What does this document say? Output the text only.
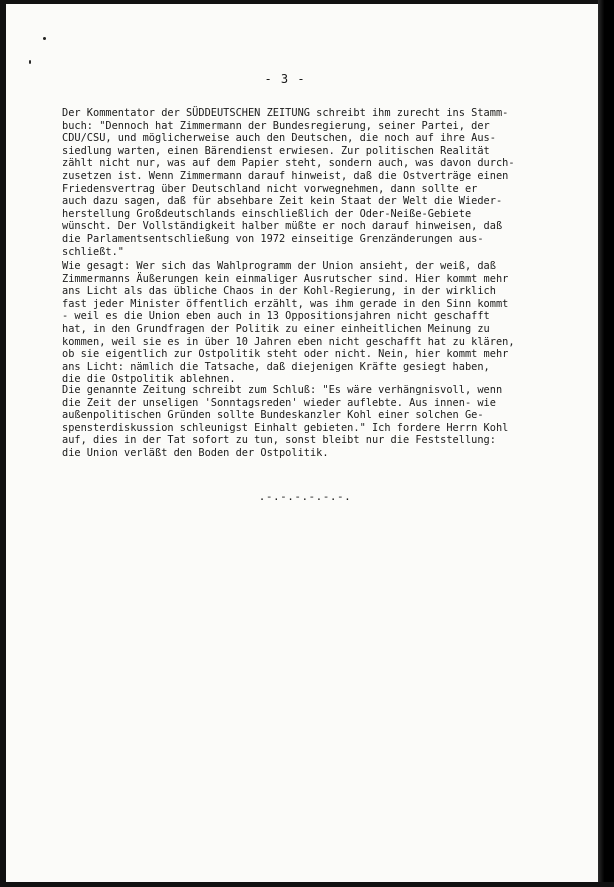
- 3 -
Der Kommentator der SÜDDEUTSCHEN ZEITUNG schreibt ihm zurecht ins Stamm-
buch: "Dennoch hat Zimmermann der Bundesregierung, seiner Partei, der
CDU/CSU, und möglicherweise auch den Deutschen, die noch auf ihre Aus-
siedlung warten, einen Bärendienst erwiesen. Zur politischen Realität
zählt nicht nur, was auf dem Papier steht, sondern auch, was davon durch-
zusetzen ist. Wenn Zimmermann darauf hinweist, daß die Ostverträge einen
Friedensvertrag über Deutschland nicht vorwegnehmen, dann sollte er
auch dazu sagen, daß für absehbare Zeit kein Staat der Welt die Wieder-
herstellung Großdeutschlands einschließlich der Oder-Neiße-Gebiete
wünscht. Der Vollständigkeit halber müßte er noch darauf hinweisen, daß
die Parlamentsentschließung von 1972 einseitige Grenzänderungen aus-
schließt."
Wie gesagt: Wer sich das Wahlprogramm der Union ansieht, der weiß, daß
Zimmermanns Äußerungen kein einmaliger Ausrutscher sind. Hier kommt mehr
ans Licht als das übliche Chaos in der Kohl-Regierung, in der wirklich
fast jeder Minister öffentlich erzählt, was ihm gerade in den Sinn kommt
- weil es die Union eben auch in 13 Oppositionsjahren nicht geschafft
hat, in den Grundfragen der Politik zu einer einheitlichen Meinung zu
kommen, weil sie es in über 10 Jahren eben nicht geschafft hat zu klären,
ob sie eigentlich zur Ostpolitik steht oder nicht. Nein, hier kommt mehr
ans Licht: nämlich die Tatsache, daß diejenigen Kräfte gesiegt haben,
die die Ostpolitik ablehnen.
Die genannte Zeitung schreibt zum Schluß: "Es wäre verhängnisvoll, wenn
die Zeit der unseligen 'Sonntagsreden' wieder auflebte. Aus innen- wie
außenpolitischen Gründen sollte Bundeskanzler Kohl einer solchen Ge-
spensterdiskussion schleunigst Einhalt gebieten." Ich fordere Herrn Kohl
auf, dies in der Tat sofort zu tun, sonst bleibt nur die Feststellung:
die Union verläßt den Boden der Ostpolitik.
.-.-.-.-.-.-.
